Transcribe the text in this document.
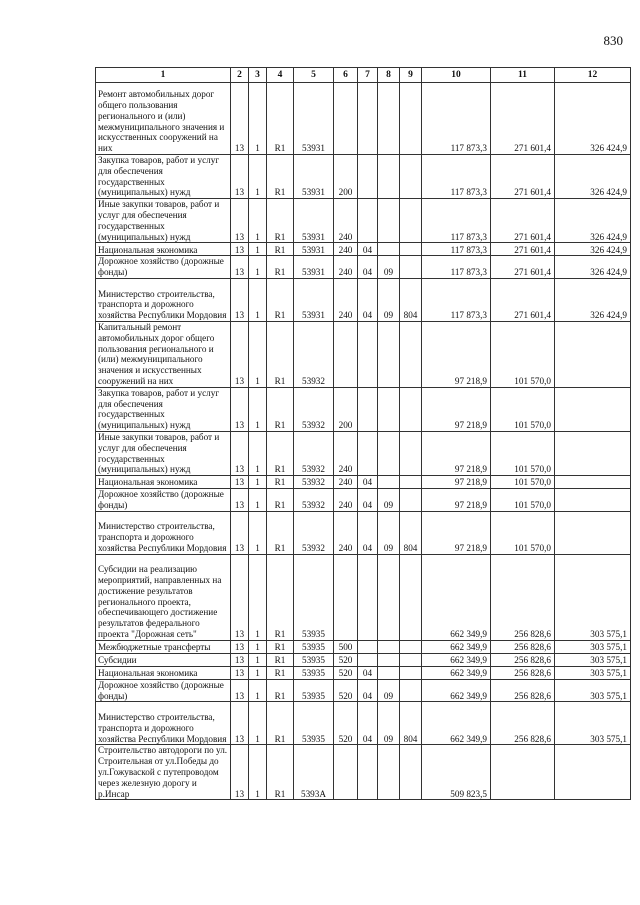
830
1	2	3	4	5	6	7	8	9	10	11	12
Ремонт автомобильных дорог общего пользования регионального и (или) межмуниципального значения и искусственных сооружений на них	13	1	R1	53931					117 873,3	271 601,4	326 424,9
Закупка товаров, работ и услуг для обеспечения государственных (муниципальных) нужд	13	1	R1	53931	200				117 873,3	271 601,4	326 424,9
Иные закупки товаров, работ и услуг для обеспечения государственных (муниципальных) нужд	13	1	R1	53931	240				117 873,3	271 601,4	326 424,9
Национальная экономика	13	1	R1	53931	240	04			117 873,3	271 601,4	326 424,9
Дорожное хозяйство (дорожные фонды)	13	1	R1	53931	240	04	09		117 873,3	271 601,4	326 424,9
Министерство строительства, транспорта и дорожного хозяйства Республики Мордовия	13	1	R1	53931	240	04	09	804	117 873,3	271 601,4	326 424,9
Капитальный ремонт автомобильных дорог общего пользования регионального и (или) межмуниципального значения и искусственных сооружений на них	13	1	R1	53932					97 218,9	101 570,0	
Закупка товаров, работ и услуг для обеспечения государственных (муниципальных) нужд	13	1	R1	53932	200				97 218,9	101 570,0	
Иные закупки товаров, работ и услуг для обеспечения государственных (муниципальных) нужд	13	1	R1	53932	240				97 218,9	101 570,0	
Национальная экономика	13	1	R1	53932	240	04			97 218,9	101 570,0	
Дорожное хозяйство (дорожные фонды)	13	1	R1	53932	240	04	09		97 218,9	101 570,0	
Министерство строительства, транспорта и дорожного хозяйства Республики Мордовия	13	1	R1	53932	240	04	09	804	97 218,9	101 570,0	
Субсидии на реализацию мероприятий, направленных на достижение результатов регионального проекта, обеспечивающего достижение результатов федерального проекта "Дорожная сеть"	13	1	R1	53935					662 349,9	256 828,6	303 575,1
Межбюджетные трансферты	13	1	R1	53935	500				662 349,9	256 828,6	303 575,1
Субсидии	13	1	R1	53935	520				662 349,9	256 828,6	303 575,1
Национальная экономика	13	1	R1	53935	520	04			662 349,9	256 828,6	303 575,1
Дорожное хозяйство (дорожные фонды)	13	1	R1	53935	520	04	09		662 349,9	256 828,6	303 575,1
Министерство строительства, транспорта и дорожного хозяйства Республики Мордовия	13	1	R1	53935	520	04	09	804	662 349,9	256 828,6	303 575,1
Строительство автодороги по ул. Строительная от ул.Победы до ул.Гожуваской с путепроводом через железную дорогу и р.Инсар	13	1	R1	5393А					509 823,5		
